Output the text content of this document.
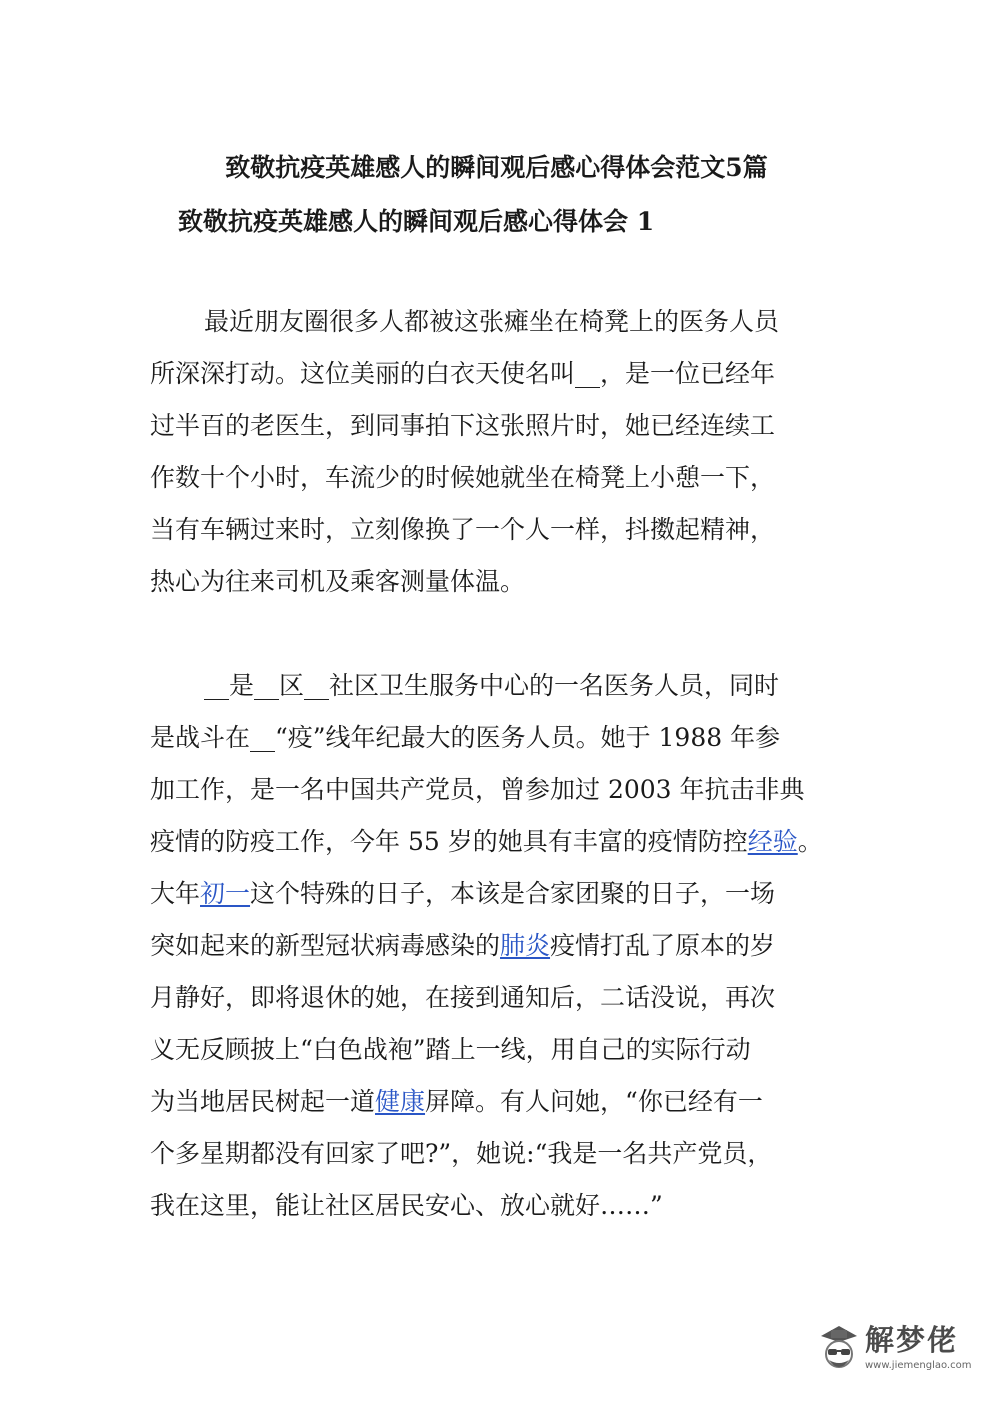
致敬抗疫英雄感人的瞬间观后感心得体会范文5篇
致敬抗疫英雄感人的瞬间观后感心得体会 1
最近朋友圈很多人都被这张瘫坐在椅凳上的医务人员
所深深打动。这位美丽的白衣天使名叫__，是一位已经年
过半百的老医生，到同事拍下这张照片时，她已经连续工
作数十个小时，车流少的时候她就坐在椅凳上小憩一下，
当有车辆过来时，立刻像换了一个人一样，抖擞起精神，
热心为往来司机及乘客测量体温。
__是__区__社区卫生服务中心的一名医务人员，同时
是战斗在__“疫”线年纪最大的医务人员。她于 1988 年参
加工作，是一名中国共产党员，曾参加过 2003 年抗击非典
疫情的防疫工作，今年 55 岁的她具有丰富的疫情防控经验。
大年初一这个特殊的日子，本该是合家团聚的日子，一场
突如起来的新型冠状病毒感染的肺炎疫情打乱了原本的岁
月静好，即将退休的她，在接到通知后，二话没说，再次
义无反顾披上“白色战袍”踏上一线，用自己的实际行动
为当地居民树起一道健康屏障。有人问她，“你已经有一
个多星期都没有回家了吧?”，她说:“我是一名共产党员，
我在这里，能让社区居民安心、放心就好……”
解梦佬
www.jiemenglao.com
